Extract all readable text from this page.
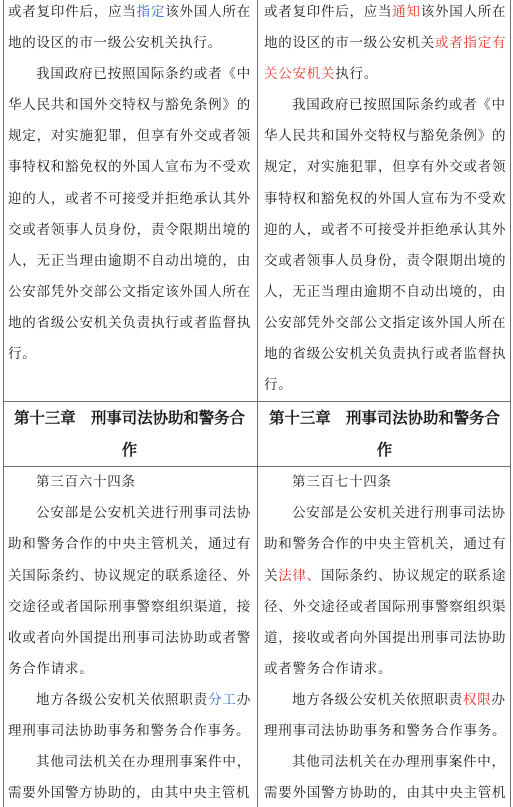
或者复印件后，应当指定该外国人所在
地的设区的市一级公安机关执行。
我国政府已按照国际条约或者《中
华人民共和国外交特权与豁免条例》的
规定，对实施犯罪，但享有外交或者领
事特权和豁免权的外国人宣布为不受欢
迎的人，或者不可接受并拒绝承认其外
交或者领事人员身份，责令限期出境的
人，无正当理由逾期不自动出境的，由
公安部凭外交部公文指定该外国人所在
地的省级公安机关负责执行或者监督执
行。
或者复印件后，应当通知该外国人所在
地的设区的市一级公安机关或者指定有
关公安机关执行。
我国政府已按照国际条约或者《中
华人民共和国外交特权与豁免条例》的
规定，对实施犯罪，但享有外交或者领
事特权和豁免权的外国人宣布为不受欢
迎的人，或者不可接受并拒绝承认其外
交或者领事人员身份，责令限期出境的
人，无正当理由逾期不自动出境的，由
公安部凭外交部公文指定该外国人所在
地的省级公安机关负责执行或者监督执
行。
第十三章　刑事司法协助和警务合
作
第十三章　刑事司法协助和警务合
作
第三百六十四条
公安部是公安机关进行刑事司法协
助和警务合作的中央主管机关，通过有
关国际条约、协议规定的联系途径、外
交途径或者国际刑事警察组织渠道，接
收或者向外国提出刑事司法协助或者警
务合作请求。
地方各级公安机关依照职责分工办
理刑事司法协助事务和警务合作事务。
其他司法机关在办理刑事案件中，
需要外国警方协助的，由其中央主管机
第三百七十四条
公安部是公安机关进行刑事司法协
助和警务合作的中央主管机关，通过有
关法律、国际条约、协议规定的联系途
径、外交途径或者国际刑事警察组织渠
道，接收或者向外国提出刑事司法协助
或者警务合作请求。
地方各级公安机关依照职责权限办
理刑事司法协助事务和警务合作事务。
其他司法机关在办理刑事案件中，
需要外国警方协助的，由其中央主管机
